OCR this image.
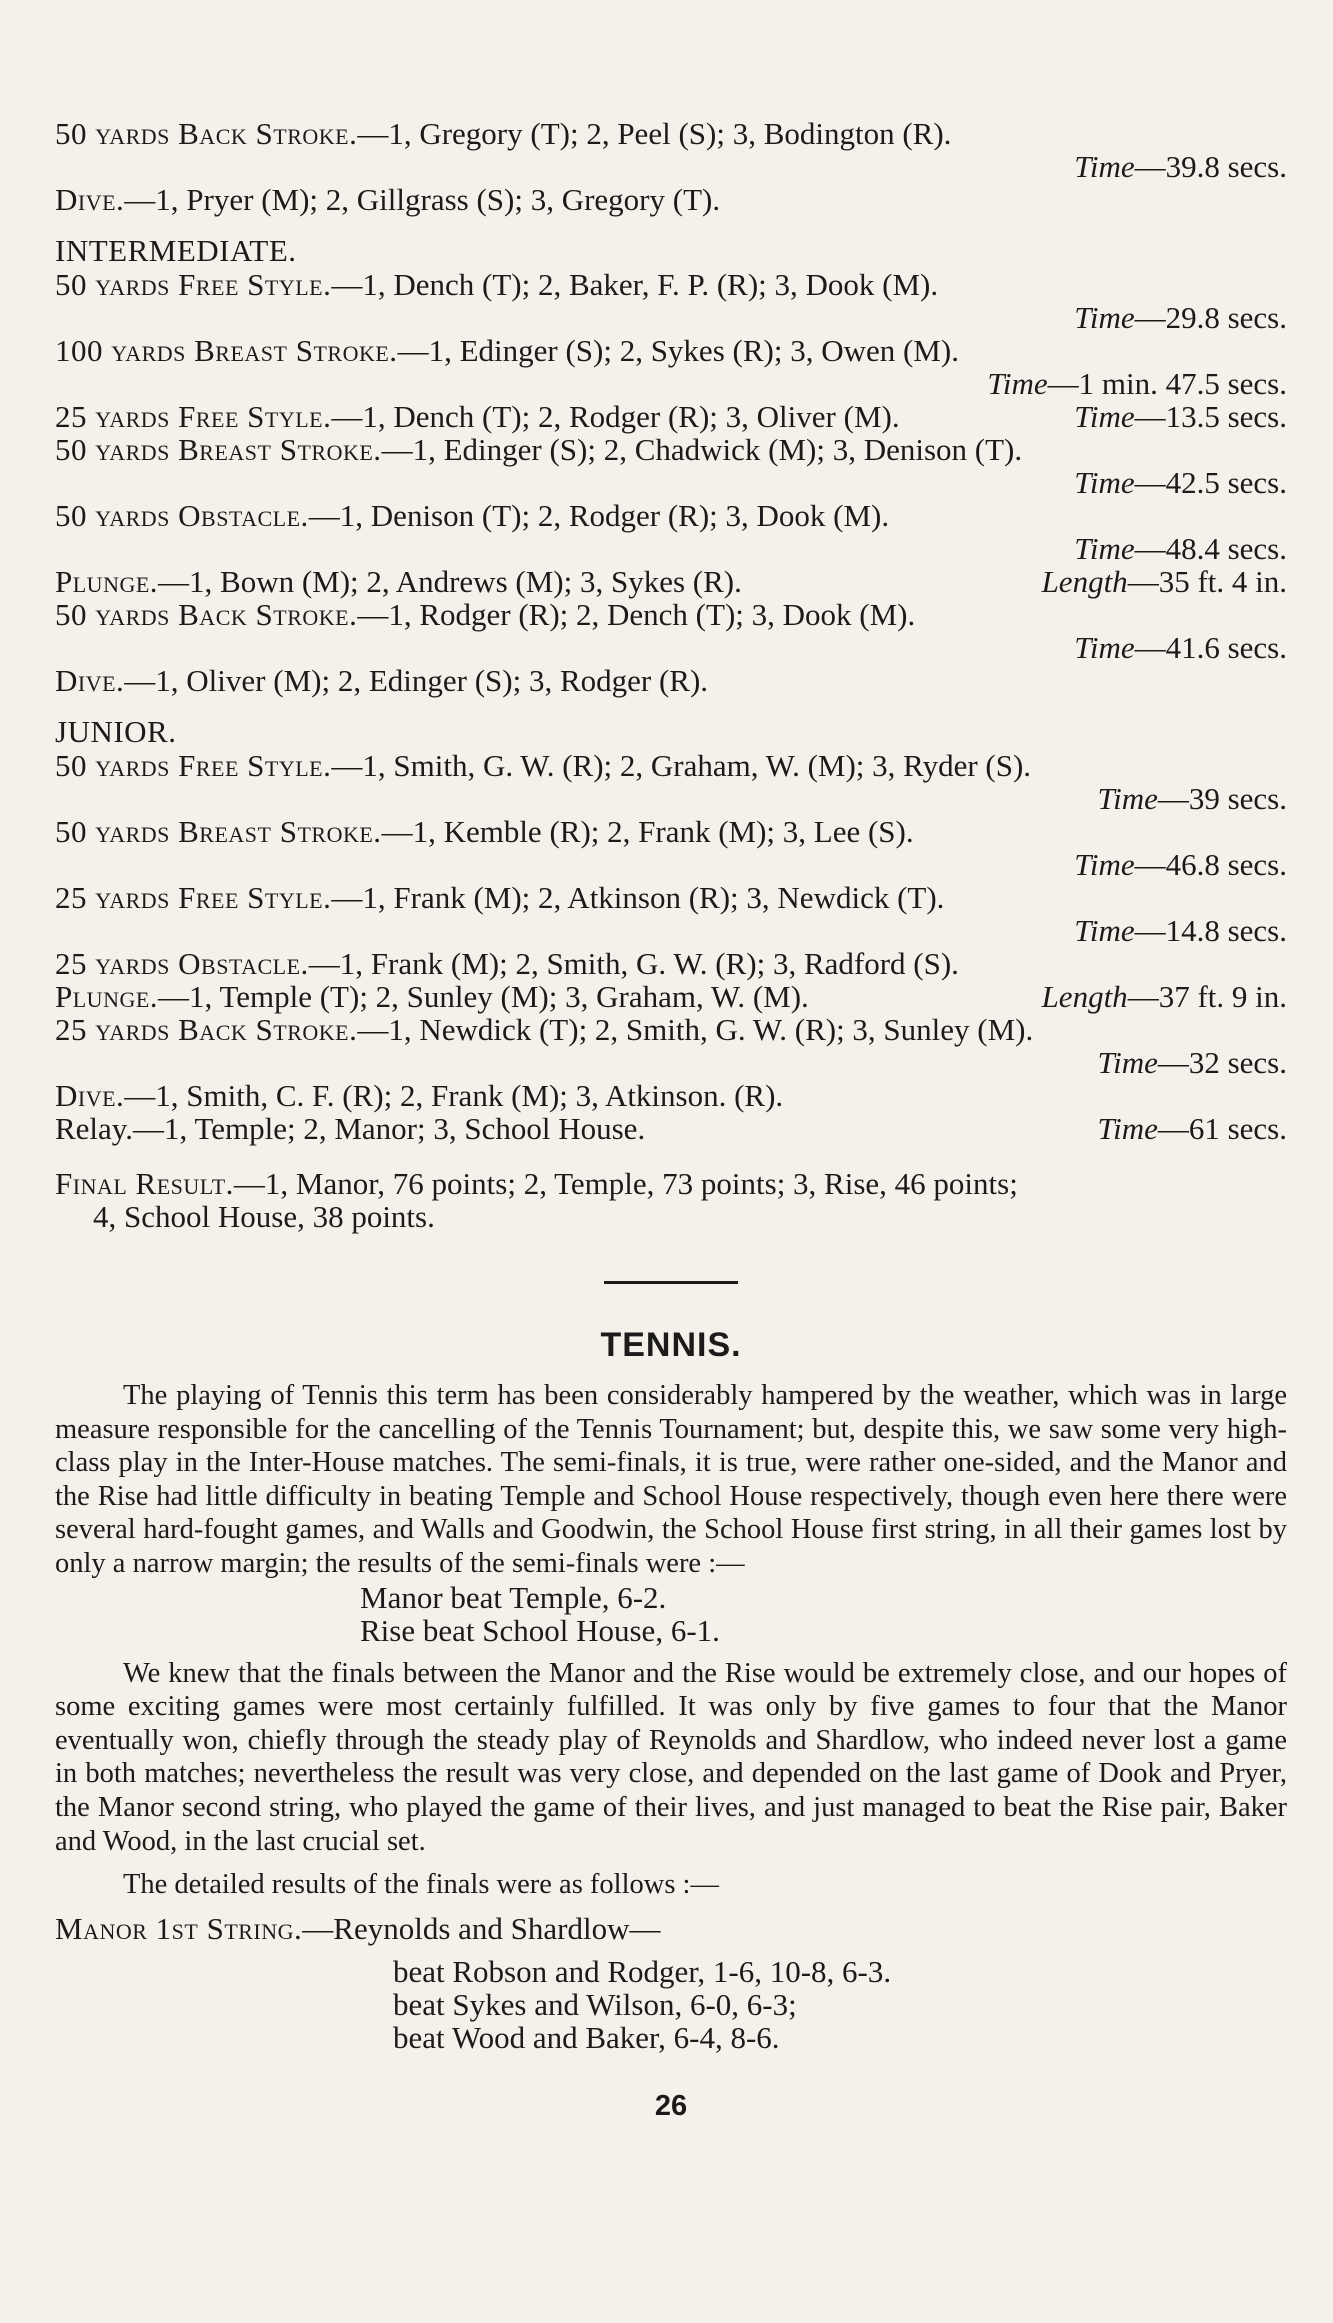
50 yards Back Stroke.—1, Gregory (T); 2, Peel (S); 3, Bodington (R).
Time—39.8 secs.
Dive.—1, Pryer (M); 2, Gillgrass (S); 3, Gregory (T).
INTERMEDIATE.
50 yards Free Style.—1, Dench (T); 2, Baker, F. P. (R); 3, Dook (M).
Time—29.8 secs.
100 yards Breast Stroke.—1, Edinger (S); 2, Sykes (R); 3, Owen (M).
Time—1 min. 47.5 secs.
25 yards Free Style.—1, Dench (T); 2, Rodger (R); 3, Oliver (M).	Time—13.5 secs.
50 yards Breast Stroke.—1, Edinger (S); 2, Chadwick (M); 3, Denison (T).
Time—42.5 secs.
50 yards Obstacle.—1, Denison (T); 2, Rodger (R); 3, Dook (M).
Time—48.4 secs.
Plunge.—1, Bown (M); 2, Andrews (M); 3, Sykes (R).	Length—35 ft. 4 in.
50 yards Back Stroke.—1, Rodger (R); 2, Dench (T); 3, Dook (M).
Time—41.6 secs.
Dive.—1, Oliver (M); 2, Edinger (S); 3, Rodger (R).
JUNIOR.
50 yards Free Style.—1, Smith, G. W. (R); 2, Graham, W. (M); 3, Ryder (S).
Time—39 secs.
50 yards Breast Stroke.—1, Kemble (R); 2, Frank (M); 3, Lee (S).
Time—46.8 secs.
25 yards Free Style.—1, Frank (M); 2, Atkinson (R); 3, Newdick (T).
Time—14.8 secs.
25 yards Obstacle.—1, Frank (M); 2, Smith, G. W. (R); 3, Radford (S).
Plunge.—1, Temple (T); 2, Sunley (M); 3, Graham, W. (M).	Length—37 ft. 9 in.
25 yards Back Stroke.—1, Newdick (T); 2, Smith, G. W. (R); 3, Sunley (M).
Time—32 secs.
Dive.—1, Smith, C. F. (R); 2, Frank (M); 3, Atkinson. (R).
Relay.—1, Temple; 2, Manor; 3, School House.	Time—61 secs.
Final Result.—1, Manor, 76 points; 2, Temple, 73 points; 3, Rise, 46 points;
4, School House, 38 points.
TENNIS.
The playing of Tennis this term has been considerably hampered by the weather, which was in large measure responsible for the cancelling of the Tennis Tournament; but, despite this, we saw some very high-class play in the Inter-House matches. The semi-finals, it is true, were rather one-sided, and the Manor and the Rise had little difficulty in beating Temple and School House respectively, though even here there were several hard-fought games, and Walls and Goodwin, the School House first string, in all their games lost by only a narrow margin; the results of the semi-finals were :—
Manor beat Temple, 6-2.
Rise beat School House, 6-1.
We knew that the finals between the Manor and the Rise would be extremely close, and our hopes of some exciting games were most certainly fulfilled. It was only by five games to four that the Manor eventually won, chiefly through the steady play of Reynolds and Shardlow, who indeed never lost a game in both matches; nevertheless the result was very close, and depended on the last game of Dook and Pryer, the Manor second string, who played the game of their lives, and just managed to beat the Rise pair, Baker and Wood, in the last crucial set.
The detailed results of the finals were as follows :—
Manor 1st String.—Reynolds and Shardlow—
beat Robson and Rodger, 1-6, 10-8, 6-3.
beat Sykes and Wilson, 6-0, 6-3;
beat Wood and Baker, 6-4, 8-6.
26
